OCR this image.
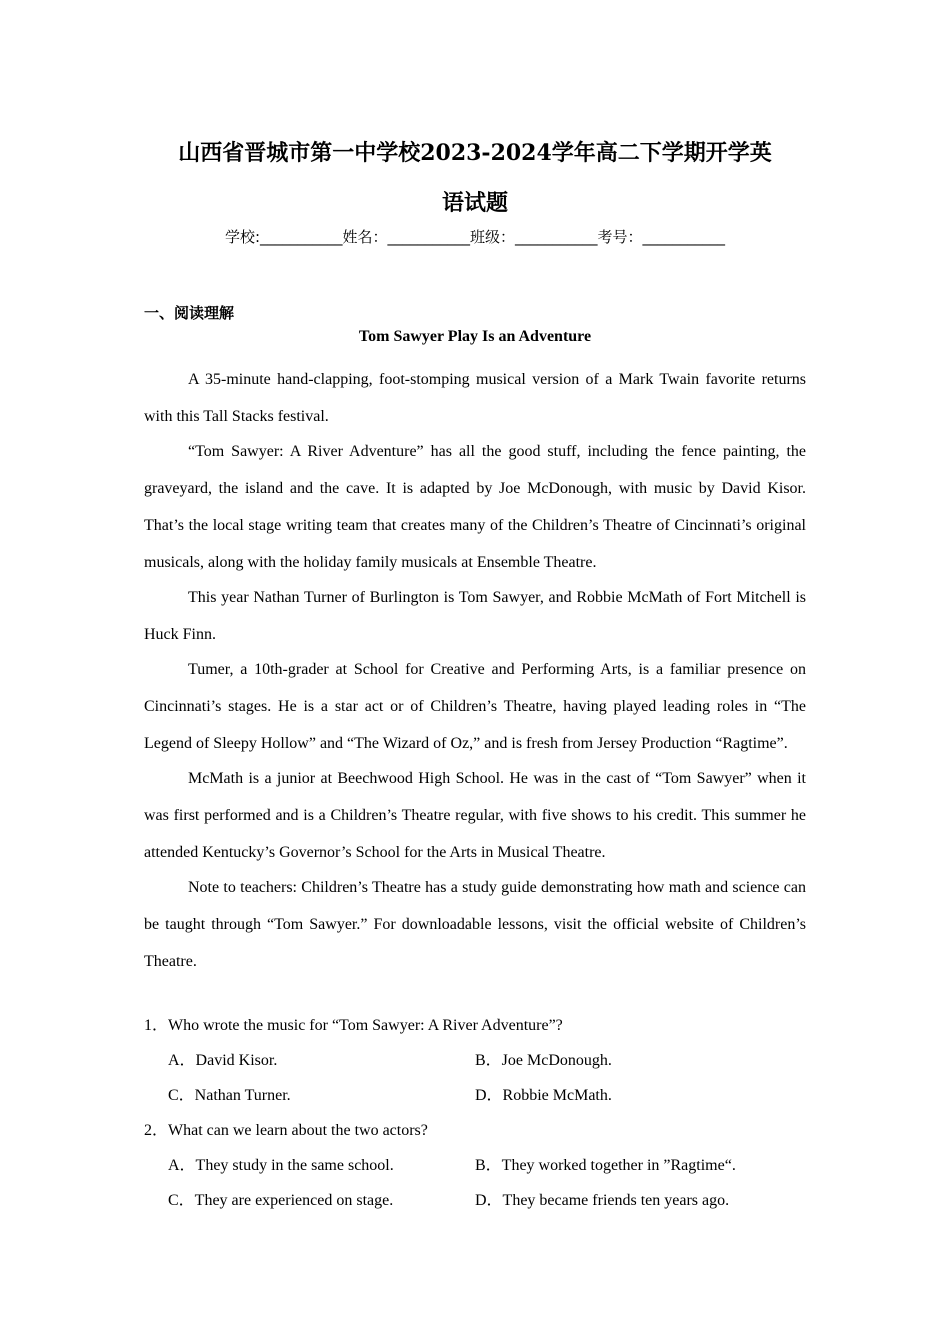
山西省晋城市第一中学校2023-2024学年高二下学期开学英
语试题
学校:___________姓名：___________班级：___________考号：___________
一、阅读理解
Tom Sawyer Play Is an Adventure

A 35-minute hand-clapping, foot-stomping musical version of a Mark Twain favorite returns with this Tall Stacks festival.

“Tom Sawyer: A River Adventure” has all the good stuff, including the fence painting, the graveyard, the island and the cave. It is adapted by Joe McDonough, with music by David Kisor. That’s the local stage writing team that creates many of the Children’s Theatre of Cincinnati’s original musicals, along with the holiday family musicals at Ensemble Theatre.

This year Nathan Turner of Burlington is Tom Sawyer, and Robbie McMath of Fort Mitchell is Huck Finn.

Tumer, a 10th-grader at School for Creative and Performing Arts, is a familiar presence on Cincinnati’s stages. He is a star act or of Children’s Theatre, having played leading roles in “The Legend of Sleepy Hollow” and “The Wizard of Oz,” and is fresh from Jersey Production “Ragtime”.

McMath is a junior at Beechwood High School. He was in the cast of “Tom Sawyer” when it was first performed and is a Children’s Theatre regular, with five shows to his credit. This summer he attended Kentucky’s Governor’s School for the Arts in Musical Theatre.

Note to teachers: Children’s Theatre has a study guide demonstrating how math and science can be taught through “Tom Sawyer.” For downloadable lessons, visit the official website of Children’s Theatre.

1．Who wrote the music for “Tom Sawyer: A River Adventure”?
A．David Kisor.	B．Joe McDonough.
C．Nathan Turner.	D．Robbie McMath.
2．What can we learn about the two actors?
A．They study in the same school.	B．They worked together in ”Ragtime“.
C．They are experienced on stage.	D．They became friends ten years ago.
